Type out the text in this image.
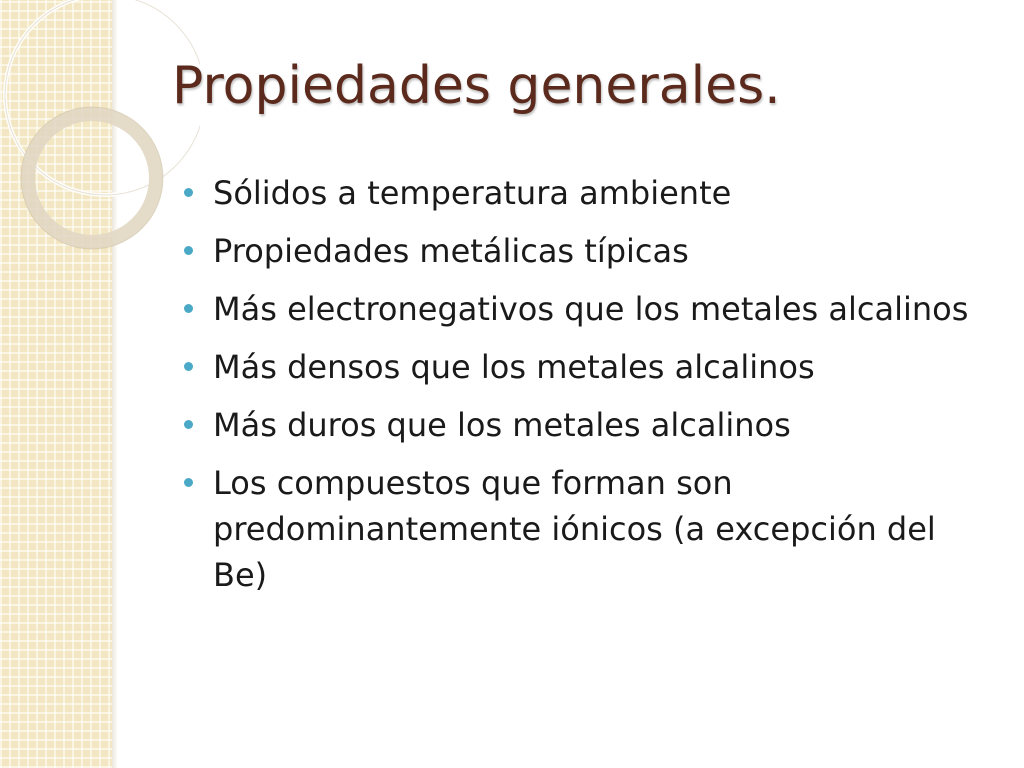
Propiedades generales.
Sólidos a temperatura ambiente
Propiedades metálicas típicas
Más electronegativos que los metales alcalinos
Más densos que los metales alcalinos
Más duros que los metales alcalinos
Los compuestos que forman son predominantemente iónicos (a excepción del Be)
